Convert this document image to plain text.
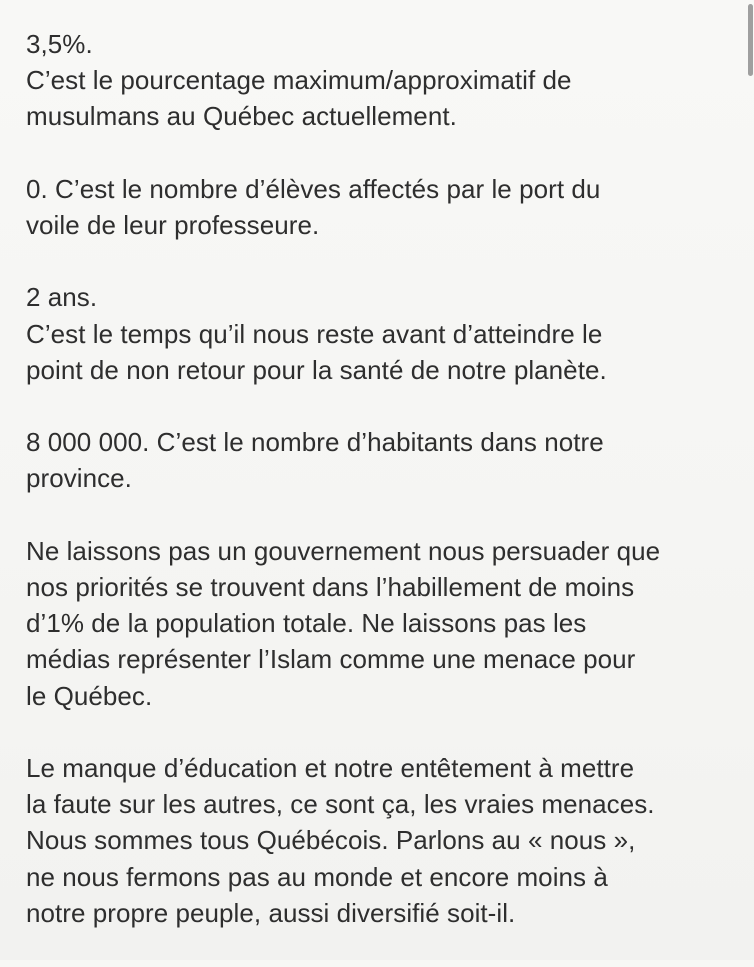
3,5%.
C’est le pourcentage maximum/approximatif de
musulmans au Québec actuellement.
0. C’est le nombre d’élèves affectés par le port du
voile de leur professeure.
2 ans.
C’est le temps qu’il nous reste avant d’atteindre le
point de non retour pour la santé de notre planète.
8 000 000. C’est le nombre d’habitants dans notre
province.
Ne laissons pas un gouvernement nous persuader que
nos priorités se trouvent dans l’habillement de moins
d’1% de la population totale. Ne laissons pas les
médias représenter l’Islam comme une menace pour
le Québec.
Le manque d’éducation et notre entêtement à mettre
la faute sur les autres, ce sont ça, les vraies menaces.
Nous sommes tous Québécois. Parlons au « nous »,
ne nous fermons pas au monde et encore moins à
notre propre peuple, aussi diversifié soit-il.
